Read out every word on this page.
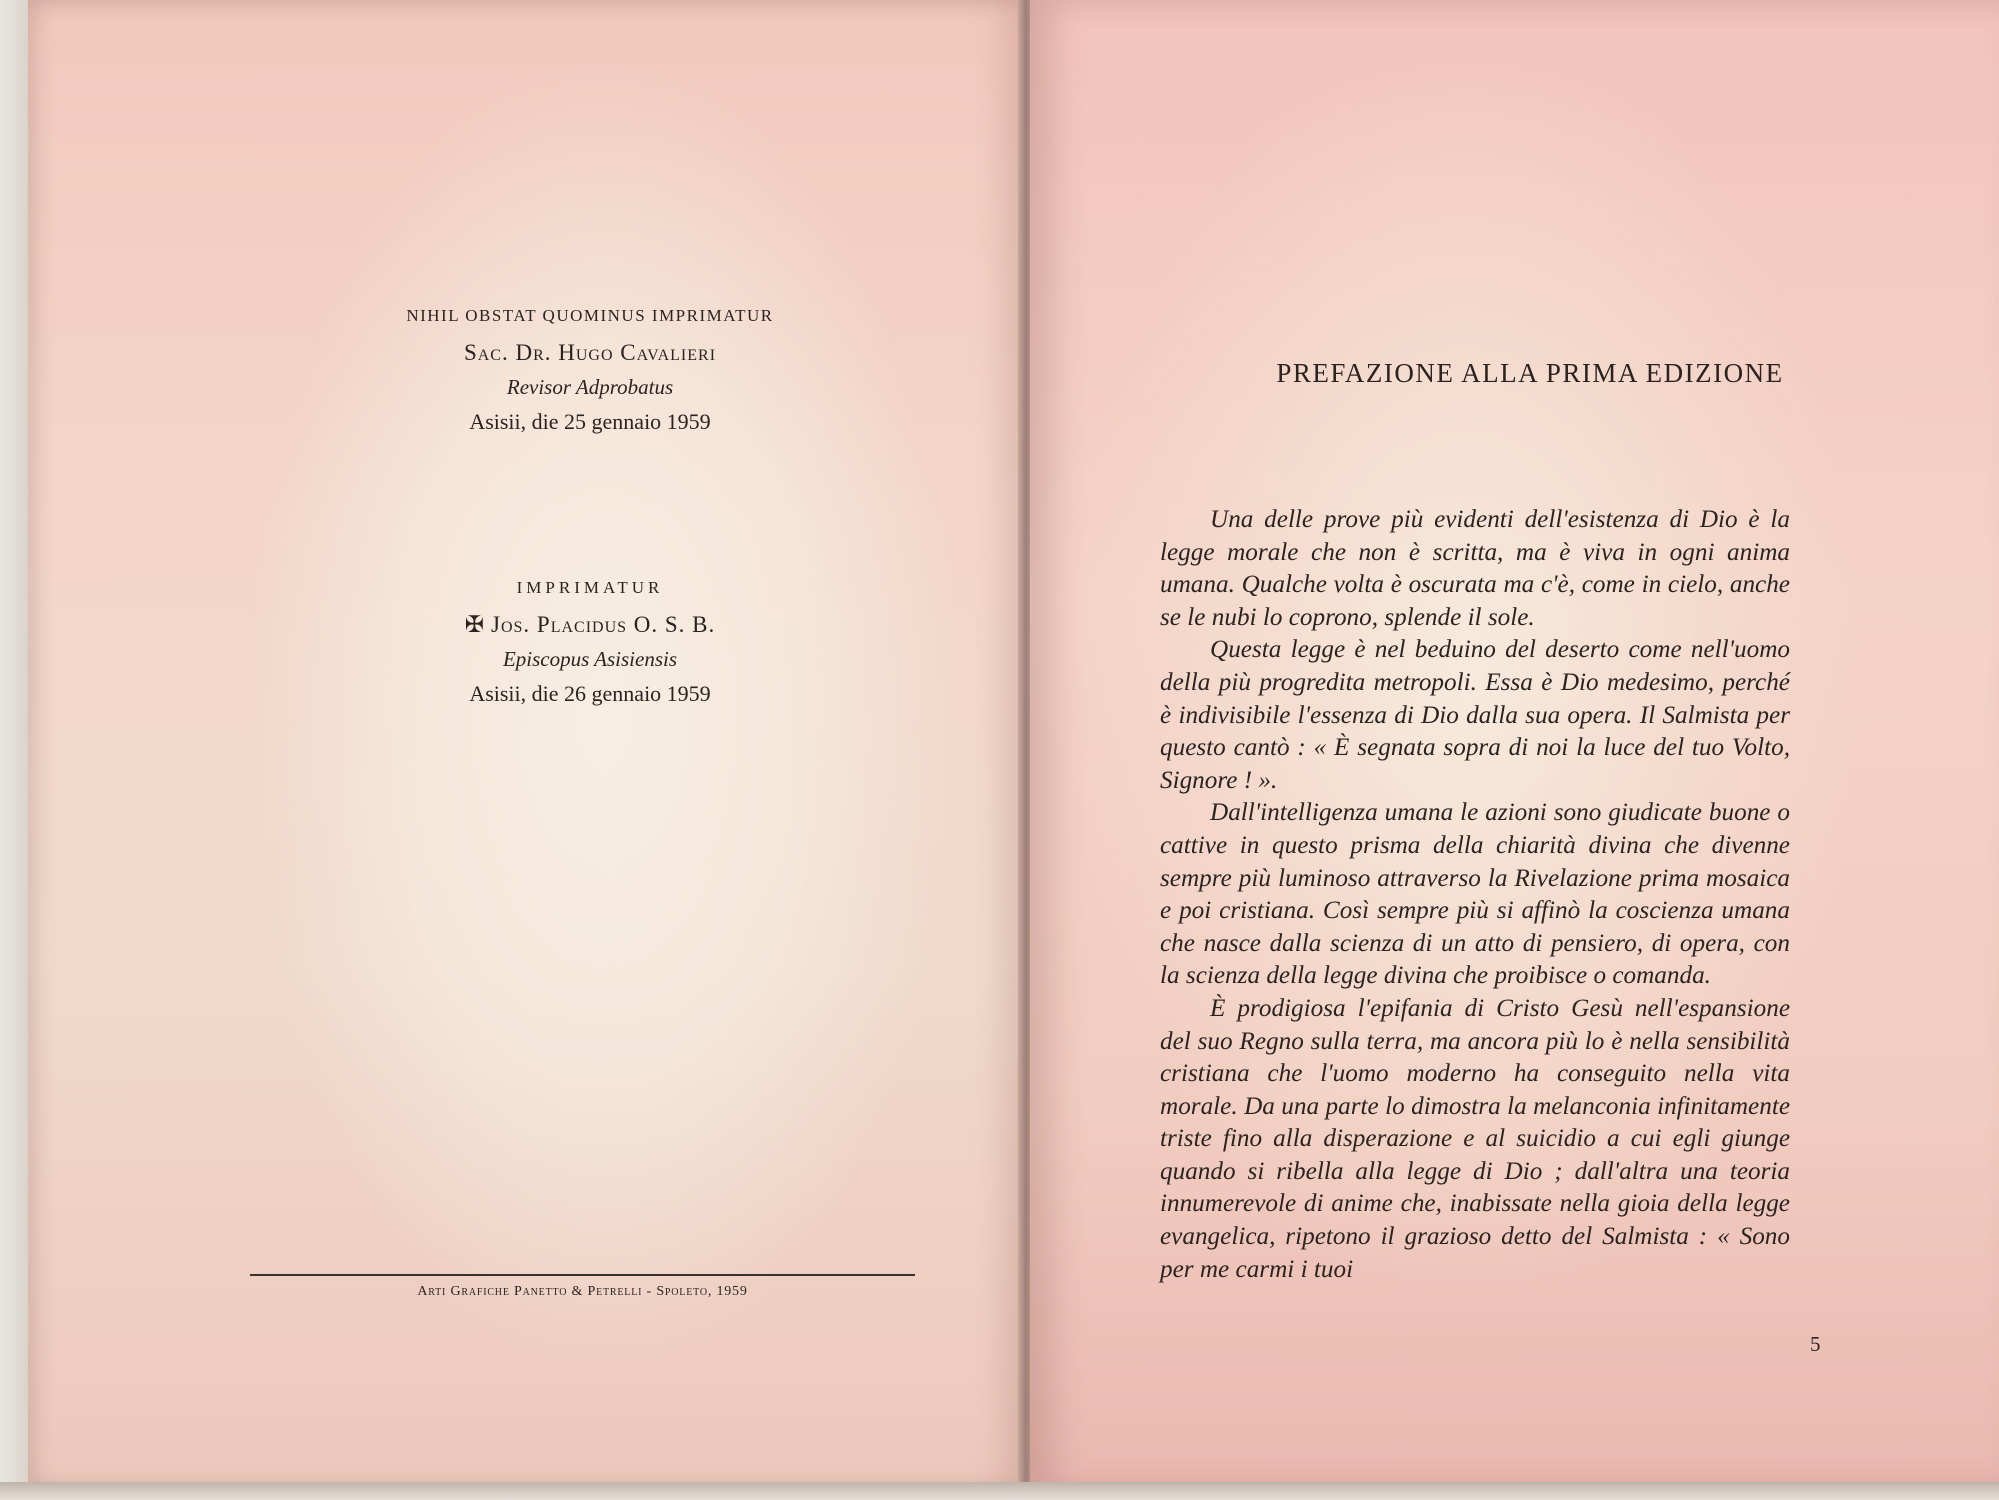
NIHIL OBSTAT QUOMINUS IMPRIMATUR

Sac. Dr. Hugo Cavalieri

Revisor Adprobatus

Asisii, die 25 gennaio 1959

IMPRIMATUR

✠ Jos. Placidus O. S. B.

Episcopus Asisiensis

Asisii, die 26 gennaio 1959

Arti Grafiche Panetto & Petrelli - Spoleto, 1959
PREFAZIONE ALLA PRIMA EDIZIONE

Una delle prove più evidenti dell'esistenza di Dio è la legge morale che non è scritta, ma è viva in ogni anima umana. Qualche volta è oscurata ma c'è, come in cielo, anche se le nubi lo coprono, splende il sole.

Questa legge è nel beduino del deserto come nell'uomo della più progredita metropoli. Essa è Dio medesimo, perché è indivisibile l'essenza di Dio dalla sua opera. Il Salmista per questo cantò : « È segnata sopra di noi la luce del tuo Volto, Signore ! ».

Dall'intelligenza umana le azioni sono giudicate buone o cattive in questo prisma della chiarità divina che divenne sempre più luminoso attraverso la Rivelazione prima mosaica e poi cristiana. Così sempre più si affinò la coscienza umana che nasce dalla scienza di un atto di pensiero, di opera, con la scienza della legge divina che proibisce o comanda.

È prodigiosa l'epifania di Cristo Gesù nell'espansione del suo Regno sulla terra, ma ancora più lo è nella sensibilità cristiana che l'uomo moderno ha conseguito nella vita morale. Da una parte lo dimostra la melanconia infinitamente triste fino alla disperazione e al suicidio a cui egli giunge quando si ribella alla legge di Dio ; dall'altra una teoria innumerevole di anime che, inabissate nella gioia della legge evangelica, ripetono il grazioso detto del Salmista : « Sono per me carmi i tuoi

5
